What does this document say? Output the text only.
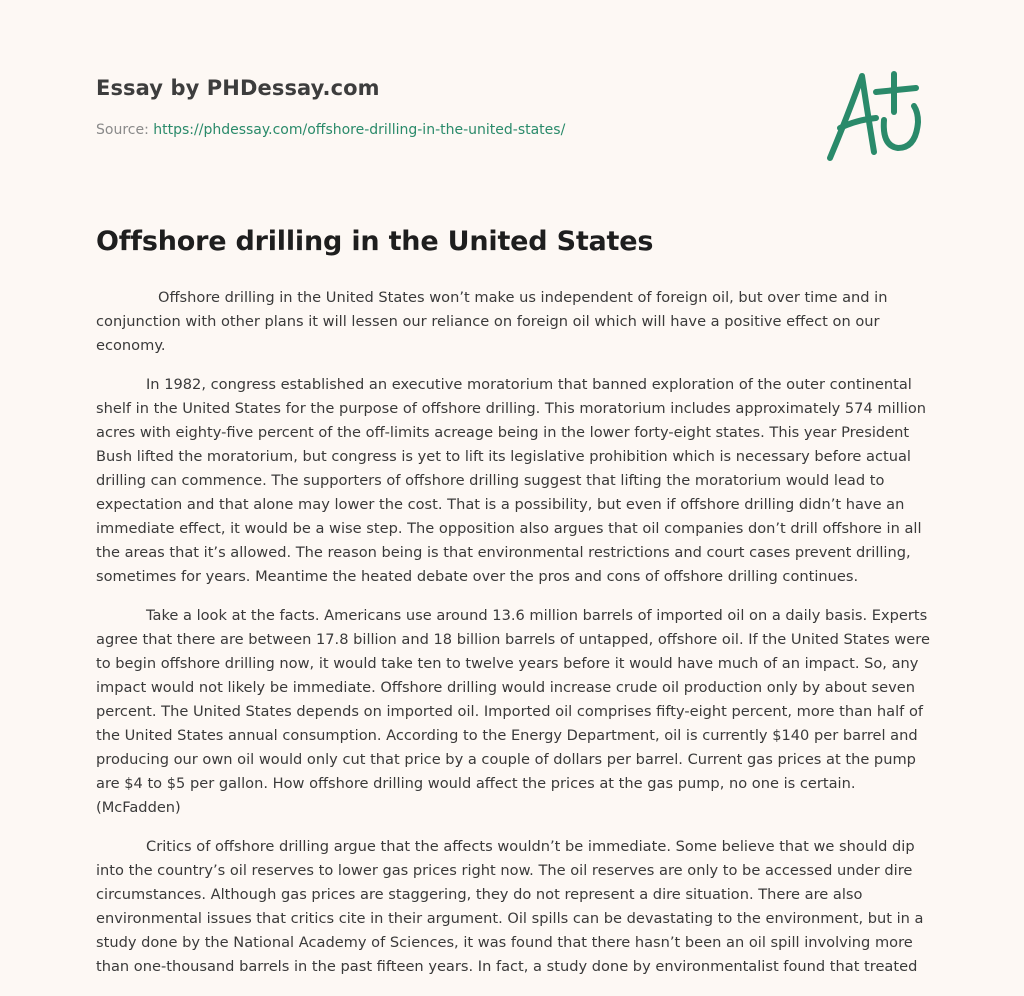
Essay by PHDessay.com
Source: https://phdessay.com/offshore-drilling-in-the-united-states/
Offshore drilling in the United States

Offshore drilling in the United States won’t make us independent of foreign oil, but over time and in conjunction with other plans it will lessen our reliance on foreign oil which will have a positive effect on our economy.

In 1982, congress established an executive moratorium that banned exploration of the outer continental shelf in the United States for the purpose of offshore drilling. This moratorium includes approximately 574 million acres with eighty-five percent of the off-limits acreage being in the lower forty-eight states. This year President Bush lifted the moratorium, but congress is yet to lift its legislative prohibition which is necessary before actual drilling can commence. The supporters of offshore drilling suggest that lifting the moratorium would lead to expectation and that alone may lower the cost. That is a possibility, but even if offshore drilling didn’t have an immediate effect, it would be a wise step. The opposition also argues that oil companies don’t drill offshore in all the areas that it’s allowed. The reason being is that environmental restrictions and court cases prevent drilling, sometimes for years. Meantime the heated debate over the pros and cons of offshore drilling continues.

Take a look at the facts. Americans use around 13.6 million barrels of imported oil on a daily basis. Experts agree that there are between 17.8 billion and 18 billion barrels of untapped, offshore oil. If the United States were to begin offshore drilling now, it would take ten to twelve years before it would have much of an impact. So, any impact would not likely be immediate. Offshore drilling would increase crude oil production only by about seven percent. The United States depends on imported oil. Imported oil comprises fifty-eight percent, more than half of the United States annual consumption. According to the Energy Department, oil is currently $140 per barrel and producing our own oil would only cut that price by a couple of dollars per barrel. Current gas prices at the pump are $4 to $5 per gallon. How offshore drilling would affect the prices at the gas pump, no one is certain. (McFadden)

Critics of offshore drilling argue that the affects wouldn’t be immediate. Some believe that we should dip into the country’s oil reserves to lower gas prices right now. The oil reserves are only to be accessed under dire circumstances. Although gas prices are staggering, they do not represent a dire situation. There are also environmental issues that critics cite in their argument. Oil spills can be devastating to the environment, but in a study done by the National Academy of Sciences, it was found that there hasn’t been an oil spill involving more than one-thousand barrels in the past fifteen years. In fact, a study done by environmentalist found that treated
